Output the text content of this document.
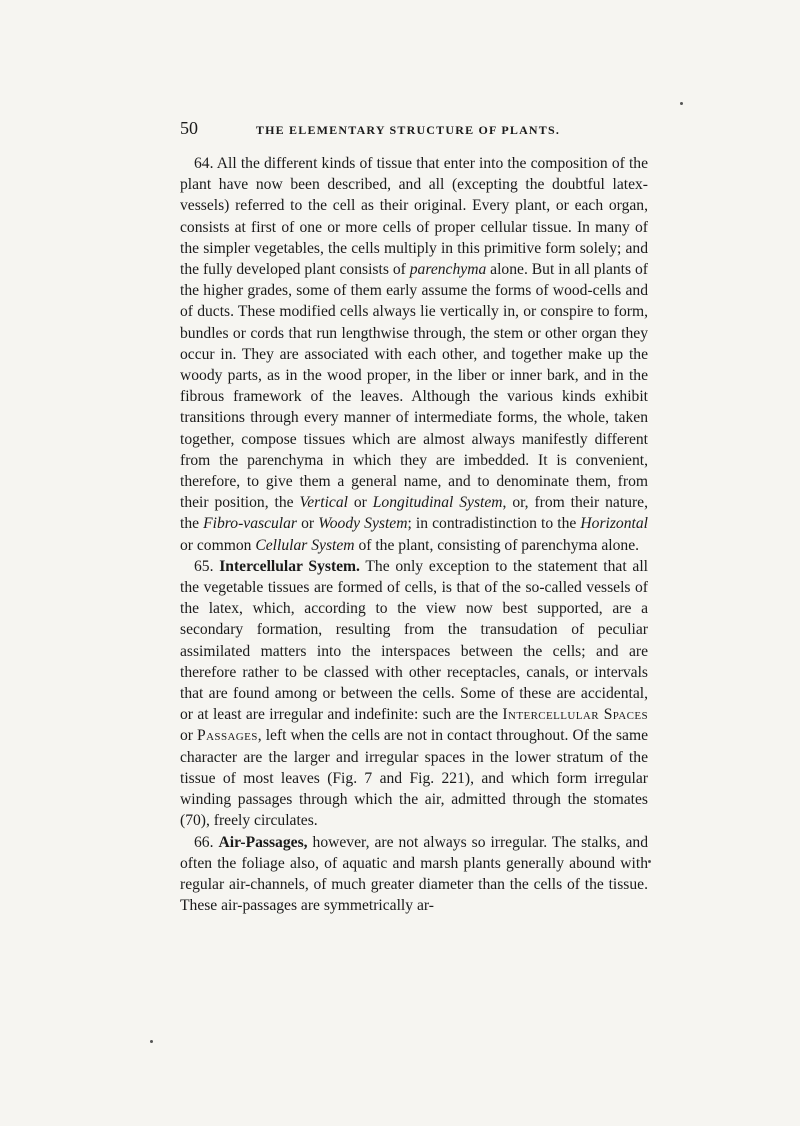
50	THE ELEMENTARY STRUCTURE OF PLANTS.

64. All the different kinds of tissue that enter into the composition of the plant have now been described, and all (excepting the doubtful latex-vessels) referred to the cell as their original. Every plant, or each organ, consists at first of one or more cells of proper cellular tissue. In many of the simpler vegetables, the cells multiply in this primitive form solely; and the fully developed plant consists of parenchyma alone. But in all plants of the higher grades, some of them early assume the forms of wood-cells and of ducts. These modified cells always lie vertically in, or conspire to form, bundles or cords that run lengthwise through, the stem or other organ they occur in. They are associated with each other, and together make up the woody parts, as in the wood proper, in the liber or inner bark, and in the fibrous framework of the leaves. Although the various kinds exhibit transitions through every manner of intermediate forms, the whole, taken together, compose tissues which are almost always manifestly different from the parenchyma in which they are imbedded. It is convenient, therefore, to give them a general name, and to denominate them, from their position, the Vertical or Longitudinal System, or, from their nature, the Fibro-vascular or Woody System; in contradistinction to the Horizontal or common Cellular System of the plant, consisting of parenchyma alone.

65. Intercellular System. The only exception to the statement that all the vegetable tissues are formed of cells, is that of the so-called vessels of the latex, which, according to the view now best supported, are a secondary formation, resulting from the transudation of peculiar assimilated matters into the interspaces between the cells; and are therefore rather to be classed with other receptacles, canals, or intervals that are found among or between the cells. Some of these are accidental, or at least are irregular and indefinite: such are the Intercellular Spaces or Passages, left when the cells are not in contact throughout. Of the same character are the larger and irregular spaces in the lower stratum of the tissue of most leaves (Fig. 7 and Fig. 221), and which form irregular winding passages through which the air, admitted through the stomates (70), freely circulates.

66. Air-Passages, however, are not always so irregular. The stalks, and often the foliage also, of aquatic and marsh plants generally abound with regular air-channels, of much greater diameter than the cells of the tissue. These air-passages are symmetrically ar-
